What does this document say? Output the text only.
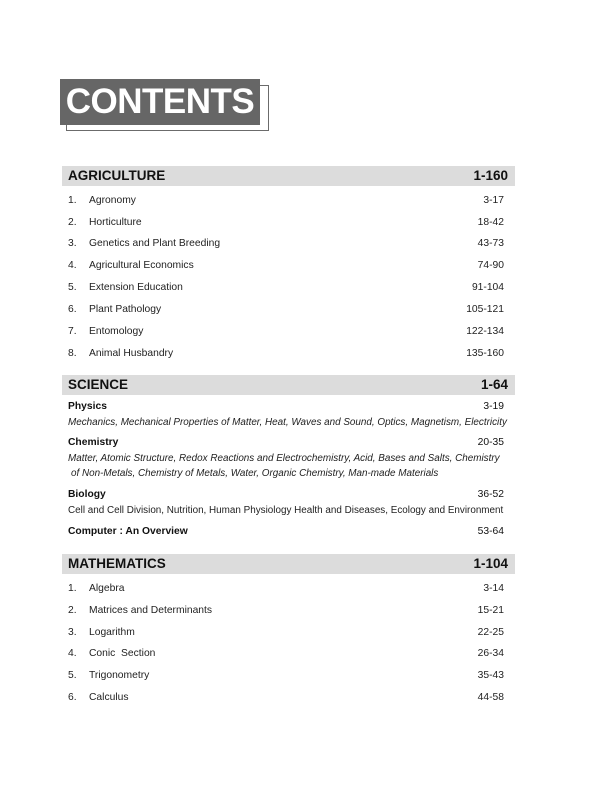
CONTENTS
AGRICULTURE	1-160
1.	Agronomy	3-17
2.	Horticulture	18-42
3.	Genetics and Plant Breeding	43-73
4.	Agricultural Economics	74-90
5.	Extension Education	91-104
6.	Plant Pathology	105-121
7.	Entomology	122-134
8.	Animal Husbandry	135-160
SCIENCE	1-64
Physics	3-19
Mechanics, Mechanical Properties of Matter, Heat, Waves and Sound, Optics, Magnetism, Electricity
Chemistry	20-35
Matter, Atomic Structure, Redox Reactions and Electrochemistry, Acid, Bases and Salts, Chemistry
of Non-Metals, Chemistry of Metals, Water, Organic Chemistry, Man-made Materials
Biology	36-52
Cell and Cell Division, Nutrition, Human Physiology Health and Diseases, Ecology and Environment
Computer : An Overview	53-64
MATHEMATICS	1-104
1.	Algebra	3-14
2.	Matrices and Determinants	15-21
3.	Logarithm	22-25
4.	Conic  Section	26-34
5.	Trigonometry	35-43
6.	Calculus	44-58
